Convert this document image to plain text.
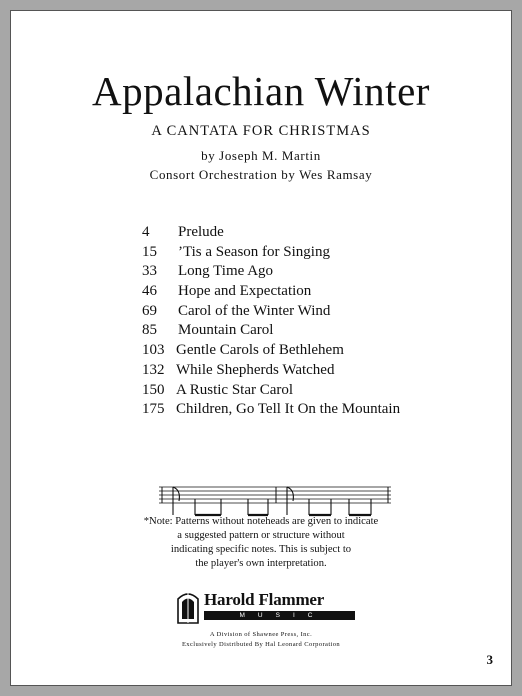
Appalachian Winter
A CANTATA FOR CHRISTMAS
by Joseph M. Martin
Consort Orchestration by Wes Ramsay
4 Prelude
15 ’Tis a Season for Singing
33 Long Time Ago
46 Hope and Expectation
69 Carol of the Winter Wind
85 Mountain Carol
103 Gentle Carols of Bethlehem
132 While Shepherds Watched
150 A Rustic Star Carol
175 Children, Go Tell It On the Mountain
*Note: Patterns without noteheads are given to indicate
a suggested pattern or structure without
indicating specific notes. This is subject to
the player's own interpretation.
Harold Flammer
MUSIC
A Division of Shawnee Press, Inc.
Exclusively Distributed By Hal Leonard Corporation
3
